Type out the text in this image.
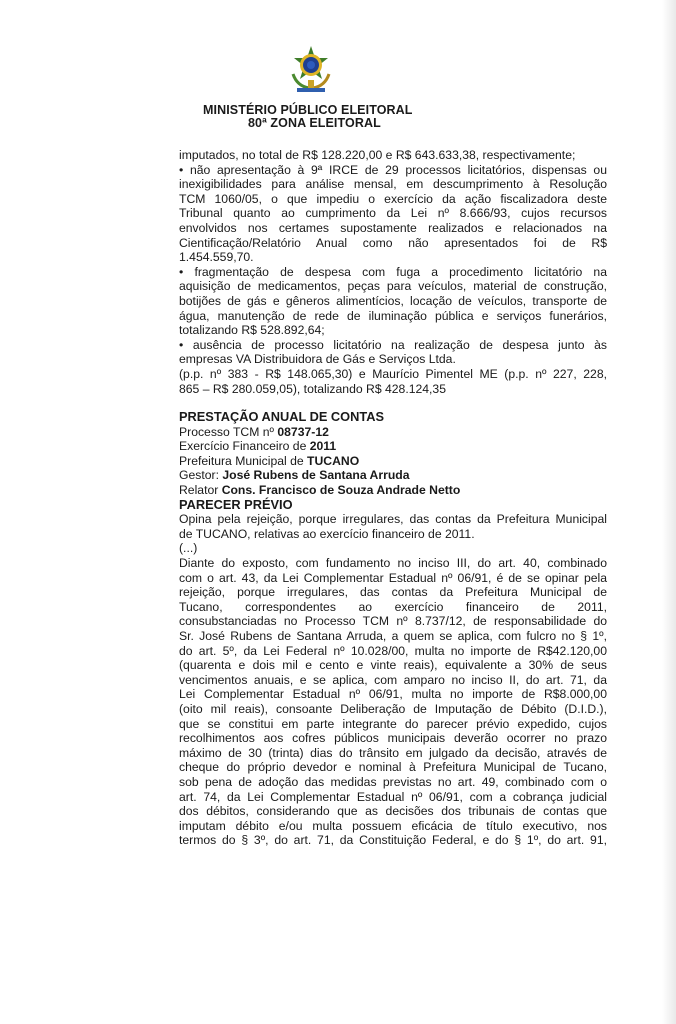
MINISTÉRIO PÚBLICO ELEITORAL
80ª ZONA ELEITORAL
imputados, no total de R$ 128.220,00 e R$ 643.633,38, respectivamente;
• não apresentação à 9ª IRCE de 29 processos licitatórios, dispensas ou
inexigibilidades para análise mensal, em descumprimento à Resolução
TCM 1060/05, o que impediu o exercício da ação fiscalizadora deste
Tribunal quanto ao cumprimento da Lei nº 8.666/93, cujos recursos
envolvidos nos certames supostamente realizados e relacionados na
Cientificação/Relatório Anual como não apresentados foi de R$
1.454.559,70.
• fragmentação de despesa com fuga a procedimento licitatório na
aquisição de medicamentos, peças para veículos, material de construção,
botijões de gás e gêneros alimentícios, locação de veículos, transporte de
água, manutenção de rede de iluminação pública e serviços funerários,
totalizando R$ 528.892,64;
• ausência de processo licitatório na realização de despesa junto às
empresas VA Distribuidora de Gás e Serviços Ltda.
(p.p. nº 383 - R$ 148.065,30) e Maurício Pimentel ME (p.p. nº 227, 228,
865 – R$ 280.059,05), totalizando R$ 428.124,35
PRESTAÇÃO ANUAL DE CONTAS
Processo TCM nº 08737-12
Exercício Financeiro de 2011
Prefeitura Municipal de TUCANO
Gestor: José Rubens de Santana Arruda
Relator Cons. Francisco de Souza Andrade Netto
PARECER PRÉVIO
Opina pela rejeição, porque irregulares, das contas da Prefeitura Municipal
de TUCANO, relativas ao exercício financeiro de 2011.
(...)
Diante do exposto, com fundamento no inciso III, do art. 40, combinado
com o art. 43, da Lei Complementar Estadual nº 06/91, é de se opinar pela
rejeição, porque irregulares, das contas da Prefeitura Municipal de
Tucano, correspondentes ao exercício financeiro de 2011,
consubstanciadas no Processo TCM nº 8.737/12, de responsabilidade do
Sr. José Rubens de Santana Arruda, a quem se aplica, com fulcro no § 1º,
do art. 5º, da Lei Federal nº 10.028/00, multa no importe de R$42.120,00
(quarenta e dois mil e cento e vinte reais), equivalente a 30% de seus
vencimentos anuais, e se aplica, com amparo no inciso II, do art. 71, da
Lei Complementar Estadual nº 06/91, multa no importe de R$8.000,00
(oito mil reais), consoante Deliberação de Imputação de Débito (D.I.D.),
que se constitui em parte integrante do parecer prévio expedido, cujos
recolhimentos aos cofres públicos municipais deverão ocorrer no prazo
máximo de 30 (trinta) dias do trânsito em julgado da decisão, através de
cheque do próprio devedor e nominal à Prefeitura Municipal de Tucano,
sob pena de adoção das medidas previstas no art. 49, combinado com o
art. 74, da Lei Complementar Estadual nº 06/91, com a cobrança judicial
dos débitos, considerando que as decisões dos tribunais de contas que
imputam débito e/ou multa possuem eficácia de título executivo, nos
termos do § 3º, do art. 71, da Constituição Federal, e do § 1º, do art. 91,
